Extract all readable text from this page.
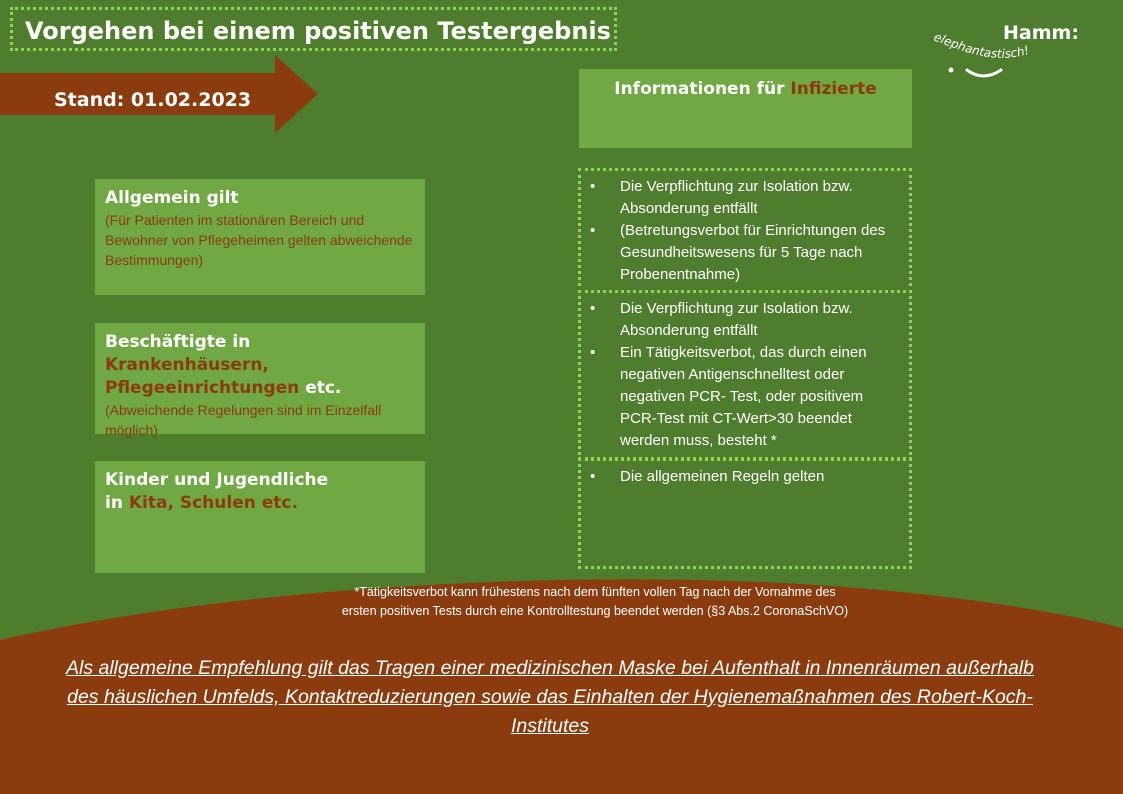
Vorgehen bei einem positiven Testergebnis
Stand: 01.02.2023
elephantastisch!
Hamm:
Informationen für Infizierte
Allgemein gilt
(Für Patienten im stationären Bereich und Bewohner von Pflegeheimen gelten abweichende Bestimmungen)
Beschäftigte in Krankenhäusern,
Pflegeeinrichtungen etc.
(Abweichende Regelungen sind im Einzelfall möglich)
Kinder und Jugendliche
in Kita, Schulen etc.
• Die Verpflichtung zur Isolation bzw. Absonderung entfällt
• (Betretungsverbot für Einrichtungen des Gesundheitswesens für 5 Tage nach Probenentnahme)
• Die Verpflichtung zur Isolation bzw. Absonderung entfällt
• Ein Tätigkeitsverbot, das durch einen negativen Antigenschnelltest oder negativen PCR- Test, oder positivem PCR-Test mit CT-Wert>30 beendet werden muss, besteht *
• Die allgemeinen Regeln gelten
*Tätigkeitsverbot kann frühestens nach dem fünften vollen Tag nach der Vornahme des ersten positiven Tests durch eine Kontrolltestung beendet werden (§3 Abs.2 CoronaSchVO)
Als allgemeine Empfehlung gilt das Tragen einer medizinischen Maske bei Aufenthalt in Innenräumen außerhalb des häuslichen Umfelds, Kontaktreduzierungen sowie das Einhalten der Hygienemaßnahmen des Robert-Koch-Institutes
